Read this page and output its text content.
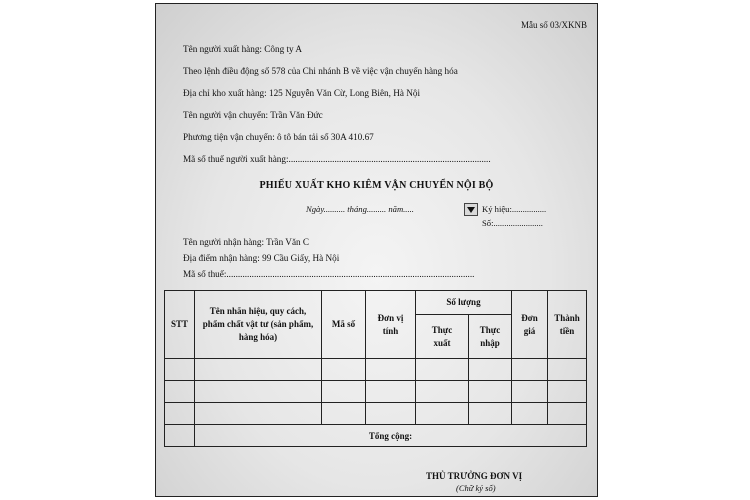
Mẫu số 03/XKNB
Tên người xuất hàng: Công ty A
Theo lệnh điều động số 578 của Chi nhánh B về việc vận chuyển hàng hóa
Địa chỉ kho xuất hàng: 125 Nguyễn Văn Cừ, Long Biên, Hà Nội
Tên người vận chuyển: Trần Văn Đức
Phương tiện vận chuyển: ô tô bán tải số 30A 410.67
Mã số thuế người xuất hàng:........................................................................................
PHIẾU XUẤT KHO KIÊM VẬN CHUYỂN NỘI BỘ
Ngày.......... tháng......... năm.....	Ký hiệu:................
Số:.......................
Tên người nhận hàng: Trần Văn C
Địa điểm nhận hàng: 99 Cầu Giấy, Hà Nội
Mã số thuế:............................................................................................................
STT	Tên nhãn hiệu, quy cách, phẩm chất vật tư (sản phẩm, hàng hóa)	Mã số	Đơn vị tính	Số lượng		Đơn giá	Thành tiền
				Thực xuất	Thực nhập		

	Tổng cộng:						
THỦ TRƯỞNG ĐƠN VỊ
(Chữ ký số)
